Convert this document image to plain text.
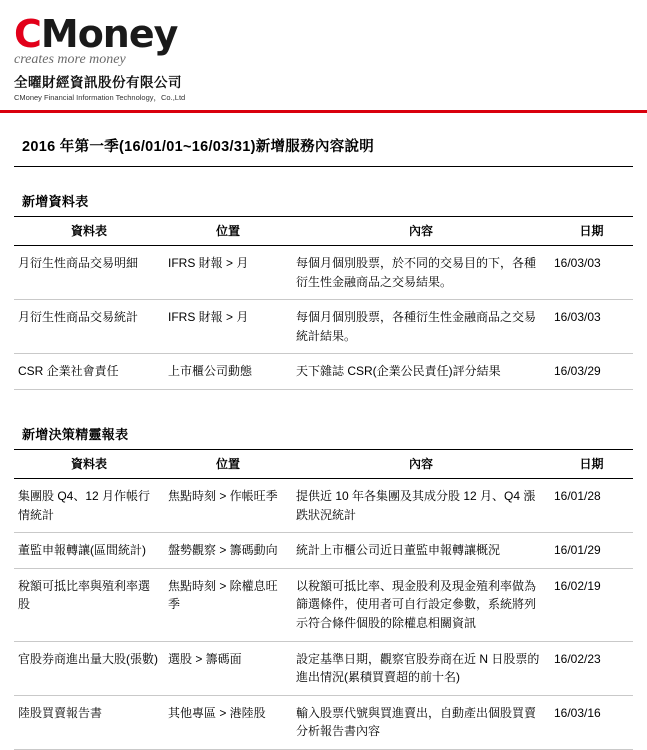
CMoney
creates more money
全曜財經資訊股份有限公司
CMoney Financial Information Technology，Co.,Ltd
2016 年第一季(16/01/01~16/03/31)新增服務內容說明
新增資料表
資料表	位置	內容	日期
月衍生性商品交易明細	IFRS 財報 > 月	每個月個別股票，於不同的交易目的下，各種衍生性金融商品之交易結果。	16/03/03
月衍生性商品交易統計	IFRS 財報 > 月	每個月個別股票，各種衍生性金融商品之交易統計結果。	16/03/03
CSR 企業社會責任	上市櫃公司動態	天下雜誌 CSR(企業公民責任)評分結果	16/03/29
新增決策精靈報表
資料表	位置	內容	日期
集團股 Q4、12 月作帳行情統計	焦點時刻 > 作帳旺季	提供近 10 年各集團及其成分股 12 月、Q4 漲跌狀況統計	16/01/28
董監申報轉讓(區間統計)	盤勢觀察 > 籌碼動向	統計上市櫃公司近日董監申報轉讓概況	16/01/29
稅額可抵比率與殖利率選股	焦點時刻 > 除權息旺季	以稅額可抵比率、現金股利及現金殖利率做為篩選條件，使用者可自行設定參數，系統將列示符合條件個股的除權息相關資訊	16/02/19
官股券商進出量大股(張數)	選股 > 籌碼面	設定基準日期，觀察官股券商在近 N 日股票的進出情況(累積買賣超的前十名)	16/02/23
陸股買賣報告書	其他專區 > 港陸股	輸入股票代號與買進賣出，自動產出個股買賣分析報告書內容	16/03/16
